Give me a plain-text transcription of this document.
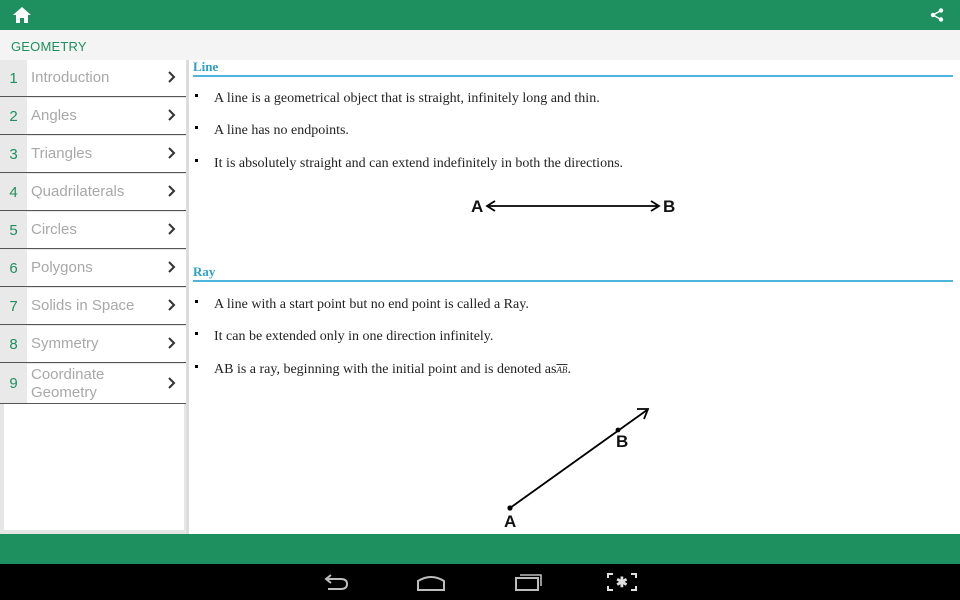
GEOMETRY
1 Introduction
2 Angles
3 Triangles
4 Quadrilaterals
5 Circles
6 Polygons
7 Solids in Space
8 Symmetry
9
Coordinate Geometry
Line
A line is a geometrical object that is straight, infinitely long and thin.
A line has no endpoints.
It is absolutely straight and can extend indefinitely in both the directions.
A	B
Ray
A line with a start point but no end point is called a Ray.
It can be extended only in one direction infinitely.
AB is a ray, beginning with the initial point and is denoted $as\overline{AB}$.
B
A
✱
